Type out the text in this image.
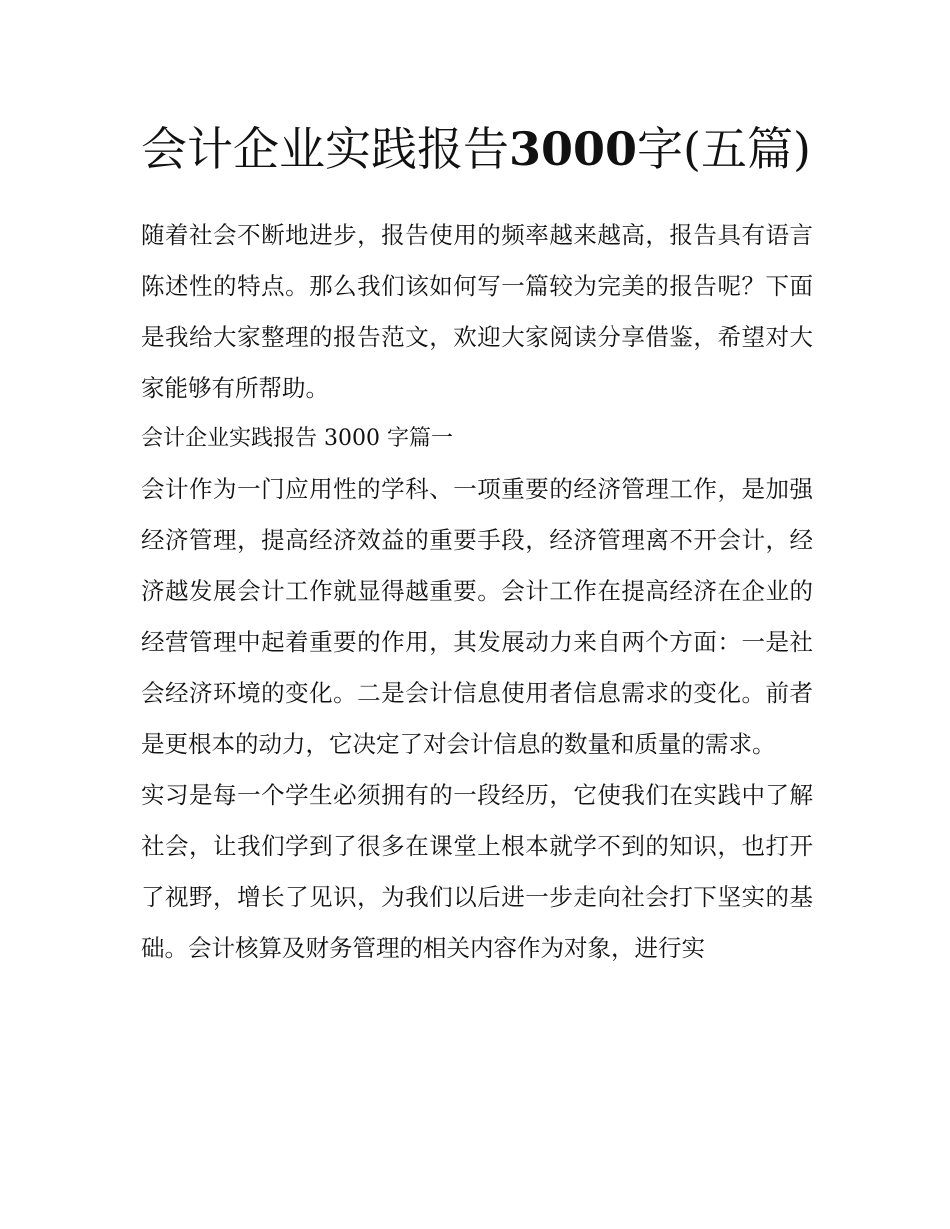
会计企业实践报告3000字(五篇)

随着社会不断地进步，报告使用的频率越来越高，报告具有语言陈述性的特点。那么我们该如何写一篇较为完美的报告呢？下面是我给大家整理的报告范文，欢迎大家阅读分享借鉴，希望对大家能够有所帮助。

会计企业实践报告 3000 字篇一

会计作为一门应用性的学科、一项重要的经济管理工作，是加强经济管理，提高经济效益的重要手段，经济管理离不开会计，经济越发展会计工作就显得越重要。会计工作在提高经济在企业的经营管理中起着重要的作用，其发展动力来自两个方面：一是社会经济环境的变化。二是会计信息使用者信息需求的变化。前者是更根本的动力，它决定了对会计信息的数量和质量的需求。

实习是每一个学生必须拥有的一段经历，它使我们在实践中了解社会，让我们学到了很多在课堂上根本就学不到的知识，也打开了视野，增长了见识，为我们以后进一步走向社会打下坚实的基础。会计核算及财务管理的相关内容作为对象，进行实
